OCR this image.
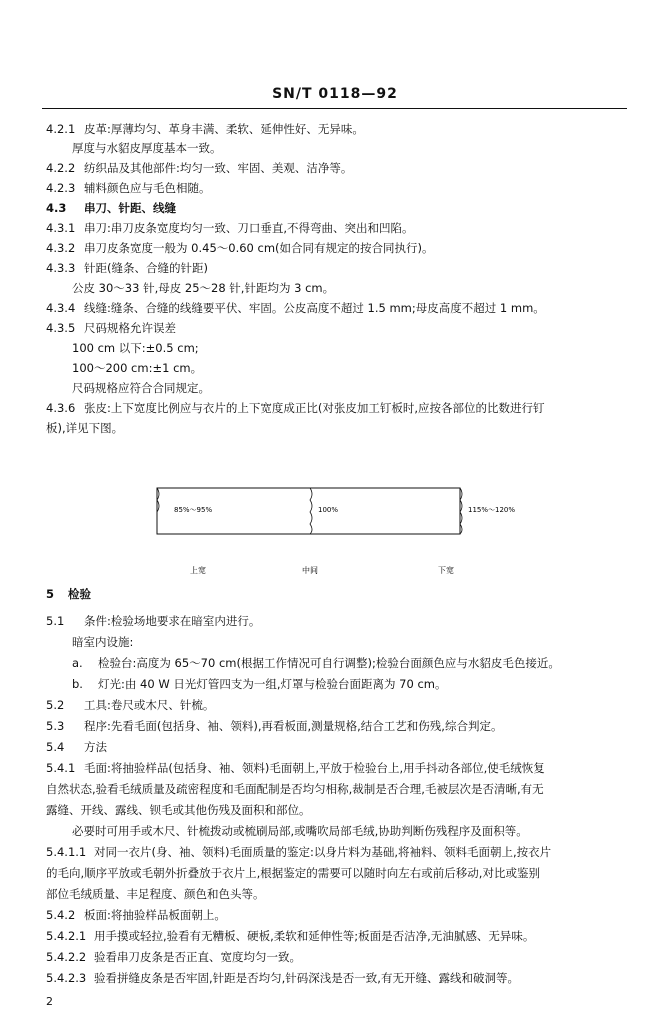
SN/T 0118—92
4.2.1 皮革:厚薄均匀、革身丰满、柔软、延伸性好、无异味。
厚度与水貂皮厚度基本一致。
4.2.2 纺织品及其他部件:均匀一致、牢固、美观、洁净等。
4.2.3 辅料颜色应与毛色相随。
4.3 串刀、针距、线缝
4.3.1 串刀:串刀皮条宽度均匀一致、刀口垂直,不得弯曲、突出和凹陷。
4.3.2 串刀皮条宽度一般为 0.45～0.60 cm(如合同有规定的按合同执行)。
4.3.3 针距(缝条、合缝的针距)
公皮 30～33 针,母皮 25～28 针,针距均为 3 cm。
4.3.4 线缝:缝条、合缝的线缝要平伏、牢固。公皮高度不超过 1.5 mm;母皮高度不超过 1 mm。
4.3.5 尺码规格允许误差
100 cm 以下:±0.5 cm;
100～200 cm:±1 cm。
尺码规格应符合合同规定。
4.3.6 张皮:上下宽度比例应与衣片的上下宽度成正比(对张皮加工钉板时,应按各部位的比数进行钉
板),详见下图。
85%～95%	100%	115%～120%
上宽	中间	下宽
5 检验
5.1 条件:检验场地要求在暗室内进行。
暗室内设施:
a. 检验台:高度为 65～70 cm(根据工作情况可自行调整);检验台面颜色应与水貂皮毛色接近。
b. 灯光:由 40 W 日光灯管四支为一组,灯罩与检验台面距离为 70 cm。
5.2 工具:卷尺或木尺、针梳。
5.3 程序:先看毛面(包括身、袖、领料),再看板面,测量规格,结合工艺和伤残,综合判定。
5.4 方法
5.4.1 毛面:将抽验样品(包括身、袖、领料)毛面朝上,平放于检验台上,用手抖动各部位,使毛绒恢复
自然状态,验看毛绒质量及疏密程度和毛面配制是否均匀相称,裁制是否合理,毛被层次是否清晰,有无
露缝、开线、露线、钡毛或其他伤残及面积和部位。
必要时可用手或木尺、针梳拨动或梳刷局部,或嘴吹局部毛绒,协助判断伤残程序及面积等。
5.4.1.1 对同一衣片(身、袖、领料)毛面质量的鉴定:以身片料为基础,将袖料、领料毛面朝上,按衣片
的毛向,顺序平放或毛朝外折叠放于衣片上,根据鉴定的需要可以随时向左右或前后移动,对比或鉴别
部位毛绒质量、丰足程度、颜色和色头等。
5.4.2 板面:将抽验样品板面朝上。
5.4.2.1 用手摸或轻拉,验看有无糟板、硬板,柔软和延伸性等;板面是否洁净,无油腻感、无异味。
5.4.2.2 验看串刀皮条是否正直、宽度均匀一致。
5.4.2.3 验看拼缝皮条是否牢固,针距是否均匀,针码深浅是否一致,有无开缝、露线和破洞等。
2
